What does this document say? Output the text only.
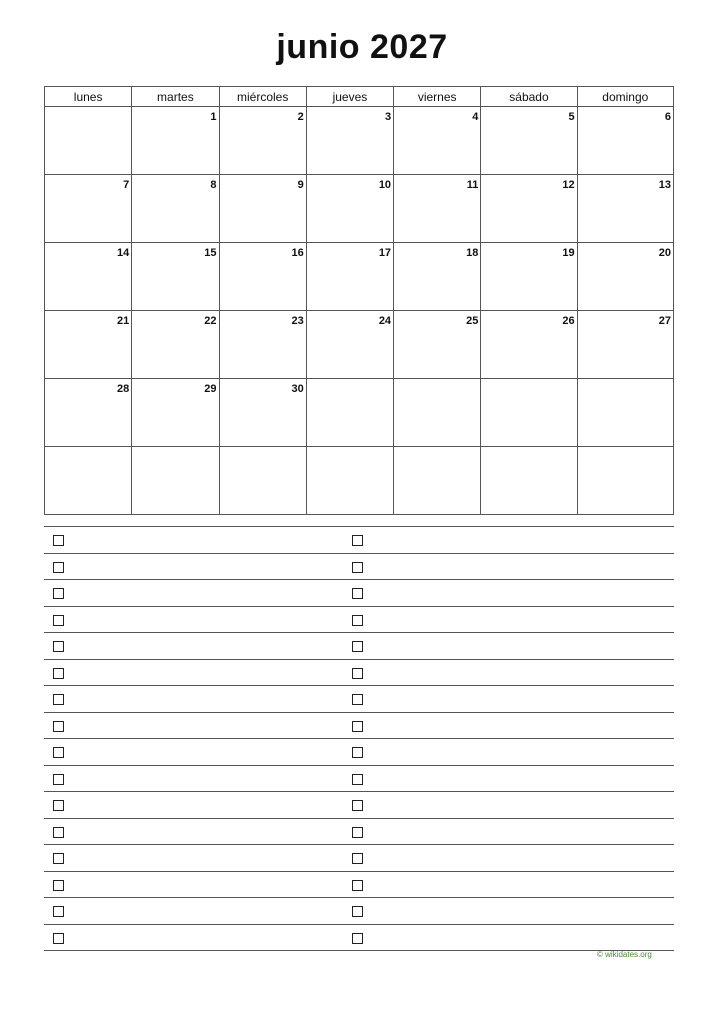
junio 2027
lunes	martes	miércoles	jueves	viernes	sábado	domingo
	1	2	3	4	5	6
7	8	9	10	11	12	13
14	15	16	17	18	19	20
21	22	23	24	25	26	27
28	29	30				

© wikidates.org
